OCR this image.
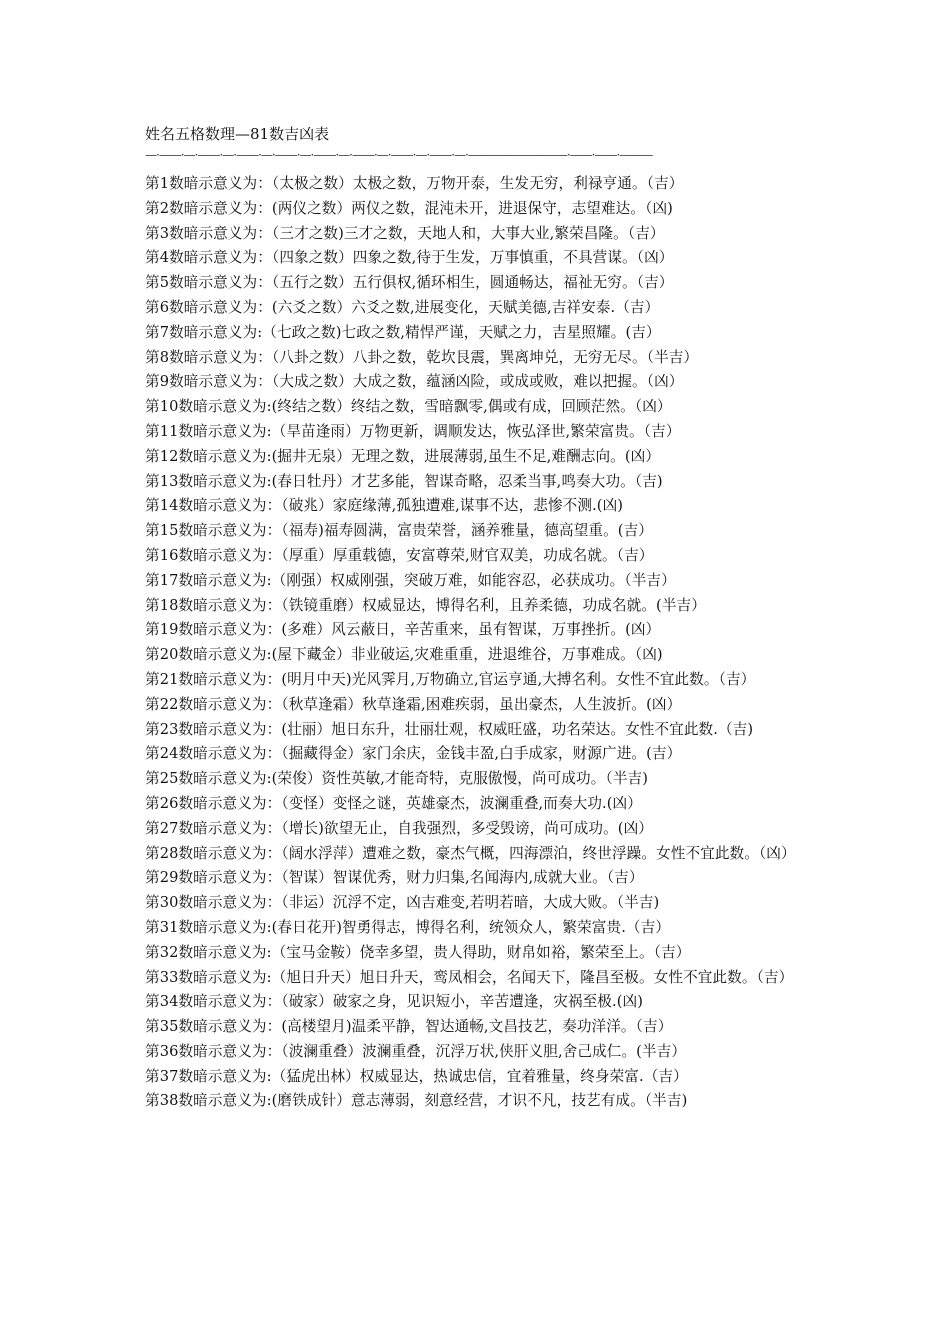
姓名五格数理—81数吉凶表
—·——·—·——·—·——·—·——·—·——·—·——·—·——·—·——·—·—————————·——·——·———

第1数暗示意义为：（太极之数）太极之数，万物开泰，生发无穷，利禄亨通。（吉）

第2数暗示意义为：(两仪之数）两仪之数，混沌未开，进退保守，志望难达。（凶)

第3数暗示意义为：（三才之数)三才之数，天地人和，大事大业,繁荣昌隆。（吉）

第4数暗示意义为：（四象之数）四象之数,待于生发，万事慎重，不具营谋。（凶）

第5数暗示意义为：（五行之数）五行俱权,循环相生，圆通畅达，福祉无穷。（吉）

第6数暗示意义为：(六爻之数）六爻之数,进展变化，天赋美德,吉祥安泰.（吉）

第7数暗示意义为:（七政之数)七政之数,精悍严谨，天赋之力，吉星照耀。(吉）

第8数暗示意义为：（八卦之数）八卦之数，乾坎艮震，巽离坤兑，无穷无尽。（半吉）

第9数暗示意义为：（大成之数）大成之数，蕴涵凶险，或成或败，难以把握。（凶）

第10数暗示意义为:(终结之数）终结之数，雪暗飘零,偶或有成，回顾茫然。（凶）

第11数暗示意义为:（旱苗逢雨）万物更新，调顺发达，恢弘泽世,繁荣富贵。（吉）

第12数暗示意义为:(掘井无泉）无理之数，进展薄弱,虽生不足,难酬志向。(凶）

第13数暗示意义为:(春日牡丹）才艺多能，智谋奇略，忍柔当事,鸣奏大功。（吉)

第14数暗示意义为：（破兆）家庭缘薄,孤独遭难,谋事不达，悲惨不测.(凶)

第15数暗示意义为：（福寿)福寿圆满，富贵荣誉，涵养雅量，德高望重。(吉）

第16数暗示意义为：（厚重）厚重载德，安富尊荣,财官双美，功成名就。（吉）

第17数暗示意义为:（刚强）权威刚强，突破万难，如能容忍，必获成功。（半吉）

第18数暗示意义为：（铁镜重磨）权威显达，博得名利，且养柔德，功成名就。(半吉）

第19数暗示意义为：(多难）风云蔽日，辛苦重来，虽有智谋，万事挫折。(凶）

第20数暗示意义为:(屋下藏金）非业破运,灾难重重，进退维谷，万事难成。（凶)

第21数暗示意义为：(明月中天)光风霁月,万物确立,官运亨通,大搏名利。女性不宜此数。（吉）

第22数暗示意义为：（秋草逢霜）秋草逢霜,困难疾弱，虽出豪杰，人生波折。(凶）

第23数暗示意义为：(壮丽）旭日东升，壮丽壮观，权威旺盛，功名荣达。女性不宜此数.（吉)

第24数暗示意义为：（掘藏得金）家门余庆，金钱丰盈,白手成家，财源广进。(吉）

第25数暗示意义为:(荣俊）资性英敏,才能奇特，克服傲慢，尚可成功。（半吉)

第26数暗示意义为：（变怪）变怪之谜，英雄豪杰，波澜重叠,而奏大功.(凶）

第27数暗示意义为：（增长)欲望无止，自我强烈，多受毁谤，尚可成功。(凶）

第28数暗示意义为：（阔水浮萍）遭难之数，豪杰气概，四海漂泊，终世浮躁。女性不宜此数。（凶）

第29数暗示意义为：（智谋）智谋优秀，财力归集,名闻海内,成就大业。（吉）

第30数暗示意义为：（非运）沉浮不定，凶吉难变,若明若暗，大成大败。（半吉)

第31数暗示意义为:(春日花开)智勇得志，博得名利，统领众人，繁荣富贵.（吉）

第32数暗示意义为:（宝马金鞍）侥幸多望，贵人得助，财帛如裕，繁荣至上。（吉）

第33数暗示意义为:（旭日升天）旭日升天，鸾凤相会，名闻天下，隆昌至极。女性不宜此数。（吉）

第34数暗示意义为：（破家）破家之身，见识短小，辛苦遭逢，灾祸至极.(凶)

第35数暗示意义为：(高楼望月)温柔平静，智达通畅,文昌技艺，奏功洋洋。（吉）

第36数暗示意义为：（波澜重叠）波澜重叠，沉浮万状,侠肝义胆,舍己成仁。(半吉）

第37数暗示意义为:（猛虎出林）权威显达，热诚忠信，宜着雅量，终身荣富.（吉）

第38数暗示意义为:(磨铁成针）意志薄弱，刻意经营，才识不凡，技艺有成。（半吉)
